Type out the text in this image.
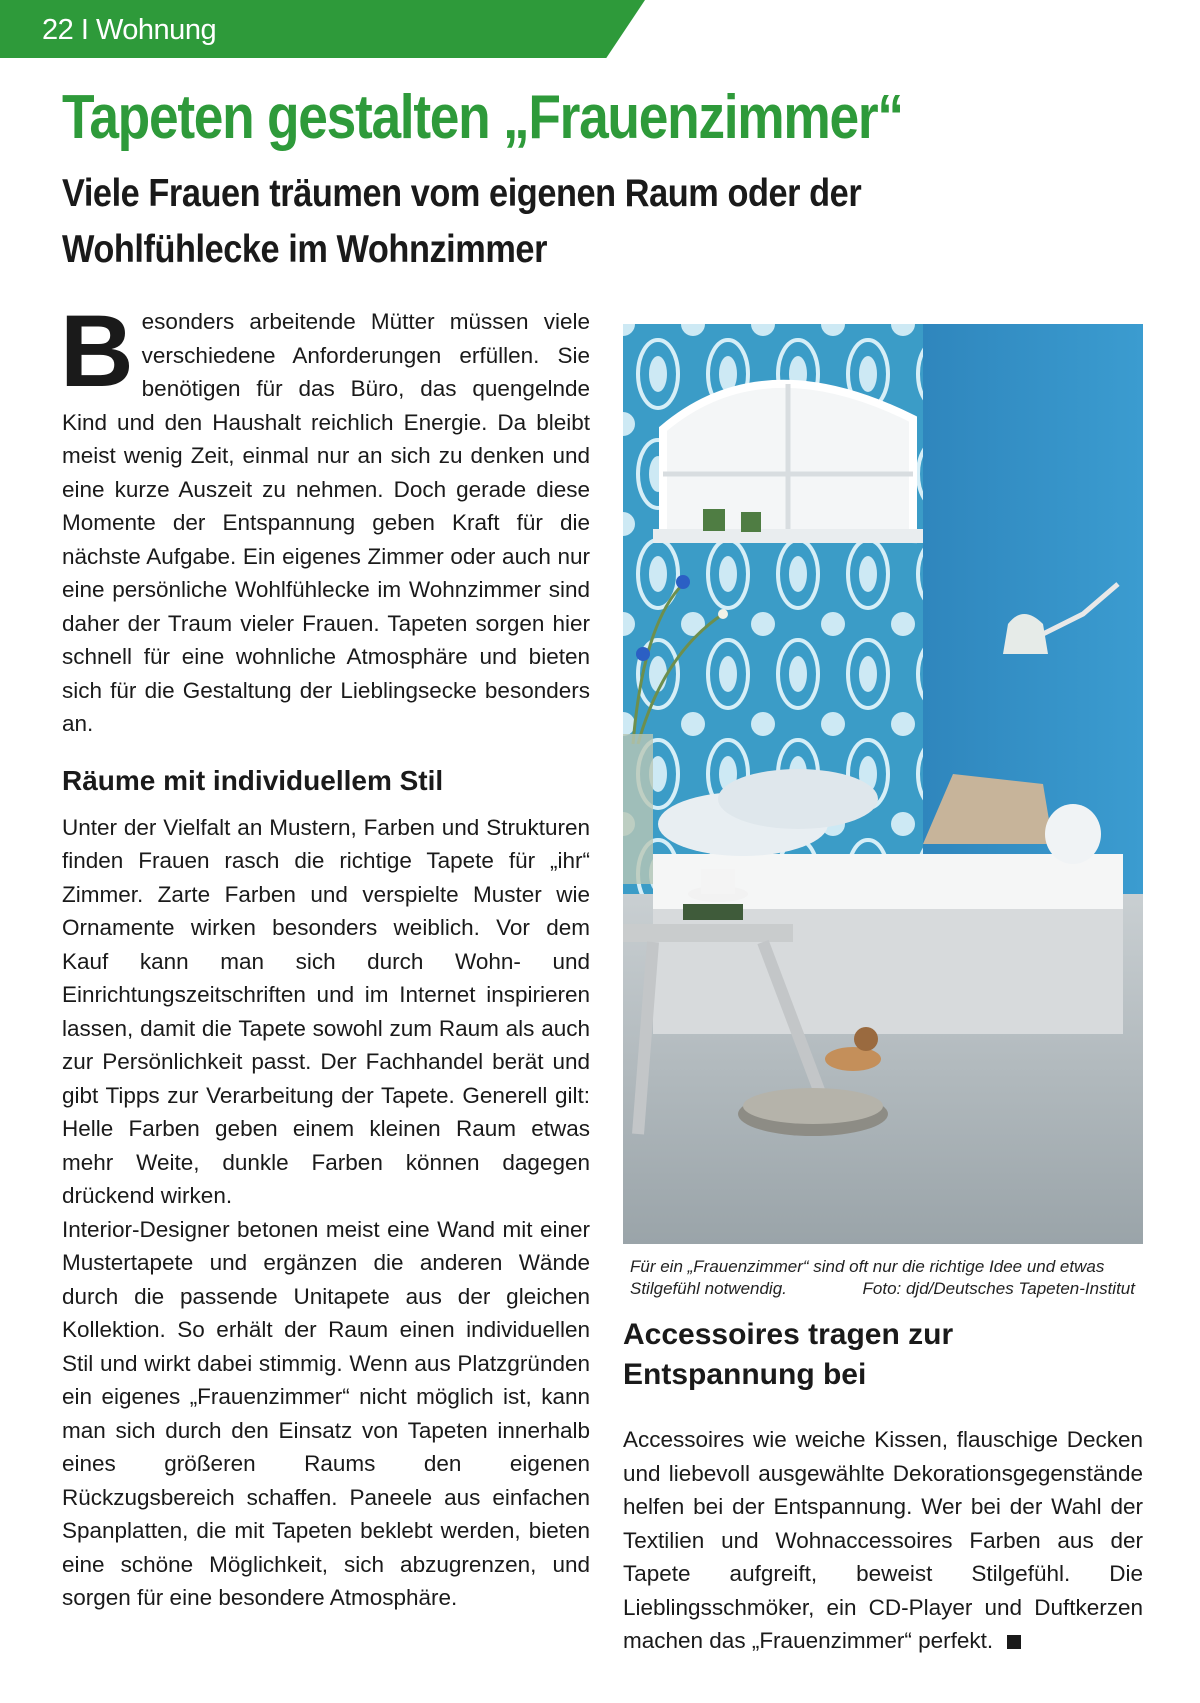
22 I Wohnung
Tapeten gestalten „Frauenzimmer“
Viele Frauen träumen vom eigenen Raum oder der Wohlfühlecke im Wohnzimmer

Besonders arbeitende Mütter müssen viele verschiedene Anforderungen erfüllen. Sie benötigen für das Büro, das quengelnde Kind und den Haushalt reichlich Energie. Da bleibt meist wenig Zeit, einmal nur an sich zu denken und eine kurze Auszeit zu nehmen. Doch gerade diese Momente der Entspannung geben Kraft für die nächste Aufgabe. Ein eigenes Zimmer oder auch nur eine persönliche Wohlfühlecke im Wohnzimmer sind daher der Traum vieler Frauen. Tapeten sorgen hier schnell für eine wohnliche Atmosphäre und bieten sich für die Gestaltung der Lieblingsecke besonders an.

Räume mit individuellem Stil

Unter der Vielfalt an Mustern, Farben und Strukturen finden Frauen rasch die richtige Tapete für „ihr“ Zimmer. Zarte Farben und verspielte Muster wie Ornamente wirken besonders weiblich. Vor dem Kauf kann man sich durch Wohn- und Einrichtungszeitschriften und im Internet inspirieren lassen, damit die Tapete sowohl zum Raum als auch zur Persönlichkeit passt. Der Fachhandel berät und gibt Tipps zur Verarbeitung der Tapete. Generell gilt: Helle Farben geben einem kleinen Raum etwas mehr Weite, dunkle Farben können dagegen drückend wirken.

Interior-Designer betonen meist eine Wand mit einer Mustertapete und ergänzen die anderen Wände durch die passende Unitapete aus der gleichen Kollektion. So erhält der Raum einen individuellen Stil und wirkt dabei stimmig. Wenn aus Platzgründen ein eigenes „Frauenzimmer“ nicht möglich ist, kann man sich durch den Einsatz von Tapeten innerhalb eines größeren Raums den eigenen Rückzugsbereich schaffen. Paneele aus einfachen Spanplatten, die mit Tapeten beklebt werden, bieten eine schöne Möglichkeit, sich abzugrenzen, und sorgen für eine besondere Atmosphäre.

Für ein „Frauenzimmer“ sind oft nur die richtige Idee und etwas Stilgefühl notwendig.	Foto: djd/Deutsches Tapeten-Institut
Accessoires tragen zur Entspannung bei

Accessoires wie weiche Kissen, flauschige Decken und liebevoll ausgewählte Dekorationsgegenstände helfen bei der Entspannung. Wer bei der Wahl der Textilien und Wohnaccessoires Farben aus der Tapete aufgreift, beweist Stilgefühl. Die Lieblingsschmöker, ein CD-Player und Duftkerzen machen das „Frauenzimmer“ perfekt.
